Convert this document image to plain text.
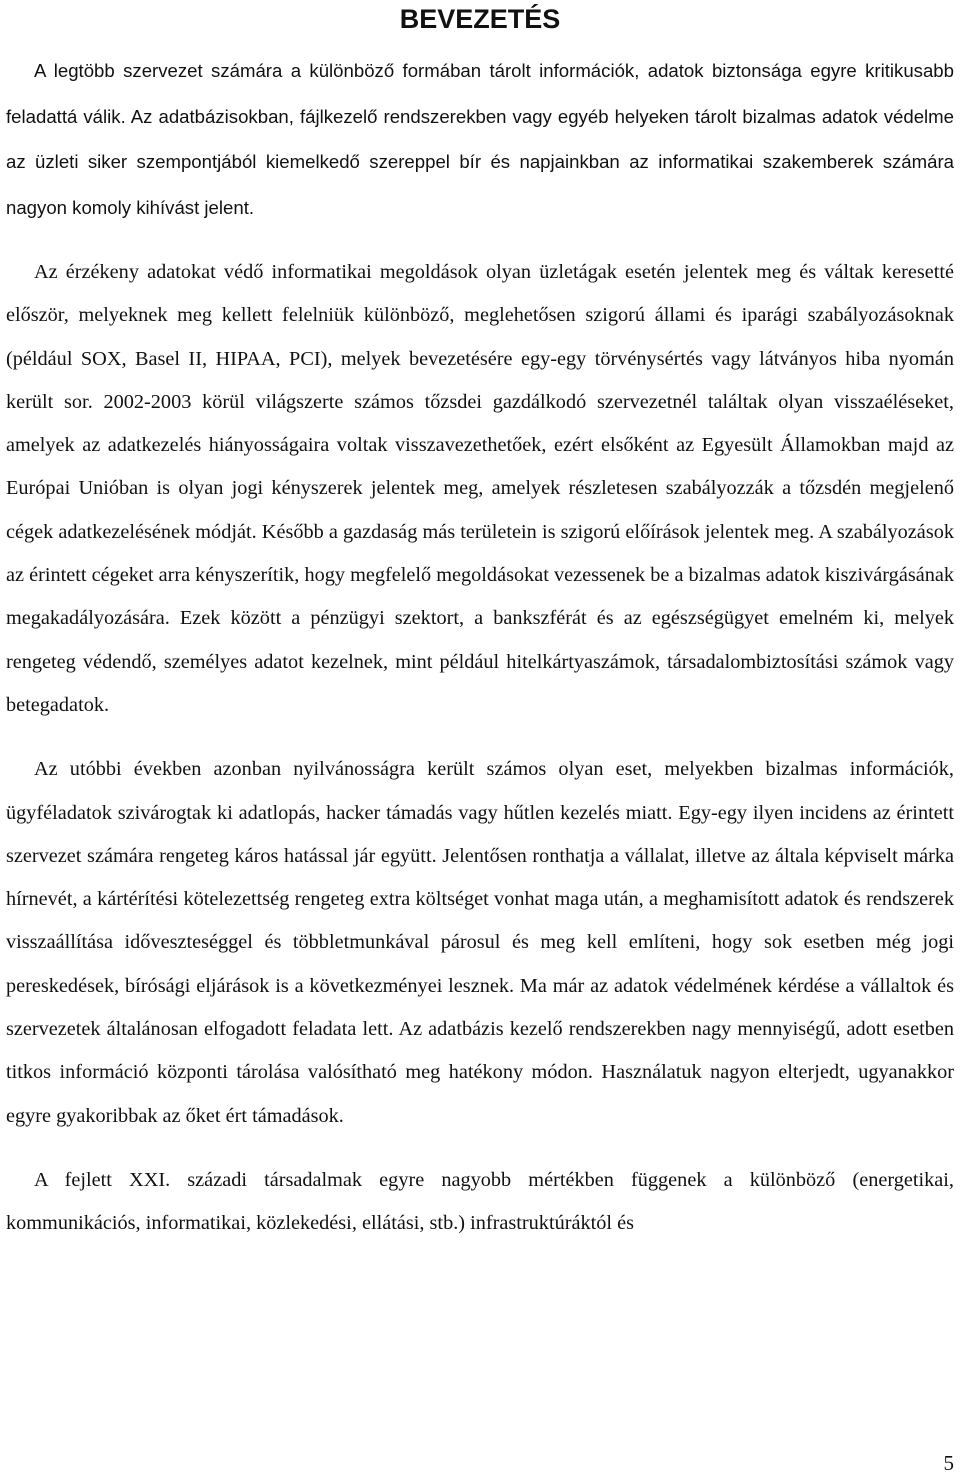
BEVEZETÉS

A legtöbb szervezet számára a különböző formában tárolt információk, adatok biztonsága egyre kritikusabb feladattá válik. Az adatbázisokban, fájlkezelő rendszerekben vagy egyéb helyeken tárolt bizalmas adatok védelme az üzleti siker szempontjából kiemelkedő szereppel bír és napjainkban az informatikai szakemberek számára nagyon komoly kihívást jelent.

Az érzékeny adatokat védő informatikai megoldások olyan üzletágak esetén jelentek meg és váltak keresetté először, melyeknek meg kellett felelniük különböző, meglehetősen szigorú állami és iparági szabályozásoknak (például SOX, Basel II, HIPAA, PCI), melyek bevezetésére egy-egy törvénysértés vagy látványos hiba nyomán került sor. 2002-2003 körül világszerte számos tőzsdei gazdálkodó szervezetnél találtak olyan visszaéléseket, amelyek az adatkezelés hiányosságaira voltak visszavezethetőek, ezért elsőként az Egyesült Államokban majd az Európai Unióban is olyan jogi kényszerek jelentek meg, amelyek részletesen szabályozzák a tőzsdén megjelenő cégek adatkezelésének módját. Később a gazdaság más területein is szigorú előírások jelentek meg. A szabályozások az érintett cégeket arra kényszerítik, hogy megfelelő megoldásokat vezessenek be a bizalmas adatok kiszivárgásának megakadályozására. Ezek között a pénzügyi szektort, a bankszférát és az egészségügyet emelném ki, melyek rengeteg védendő, személyes adatot kezelnek, mint például hitelkártyaszámok, társadalombiztosítási számok vagy betegadatok.

Az utóbbi években azonban nyilvánosságra került számos olyan eset, melyekben bizalmas információk, ügyféladatok szivárogtak ki adatlopás, hacker támadás vagy hűtlen kezelés miatt. Egy-egy ilyen incidens az érintett szervezet számára rengeteg káros hatással jár együtt. Jelentősen ronthatja a vállalat, illetve az általa képviselt márka hírnevét, a kártérítési kötelezettség rengeteg extra költséget vonhat maga után, a meghamisított adatok és rendszerek visszaállítása időveszteséggel és többletmunkával párosul és meg kell említeni, hogy sok esetben még jogi pereskedések, bírósági eljárások is a következményei lesznek. Ma már az adatok védelmének kérdése a vállaltok és szervezetek általánosan elfogadott feladata lett. Az adatbázis kezelő rendszerekben nagy mennyiségű, adott esetben titkos információ központi tárolása valósítható meg hatékony módon. Használatuk nagyon elterjedt, ugyanakkor egyre gyakoribbak az őket ért támadások.

A fejlett XXI. századi társadalmak egyre nagyobb mértékben függenek a különböző (energetikai, kommunikációs, informatikai, közlekedési, ellátási, stb.) infrastruktúráktól és

5
